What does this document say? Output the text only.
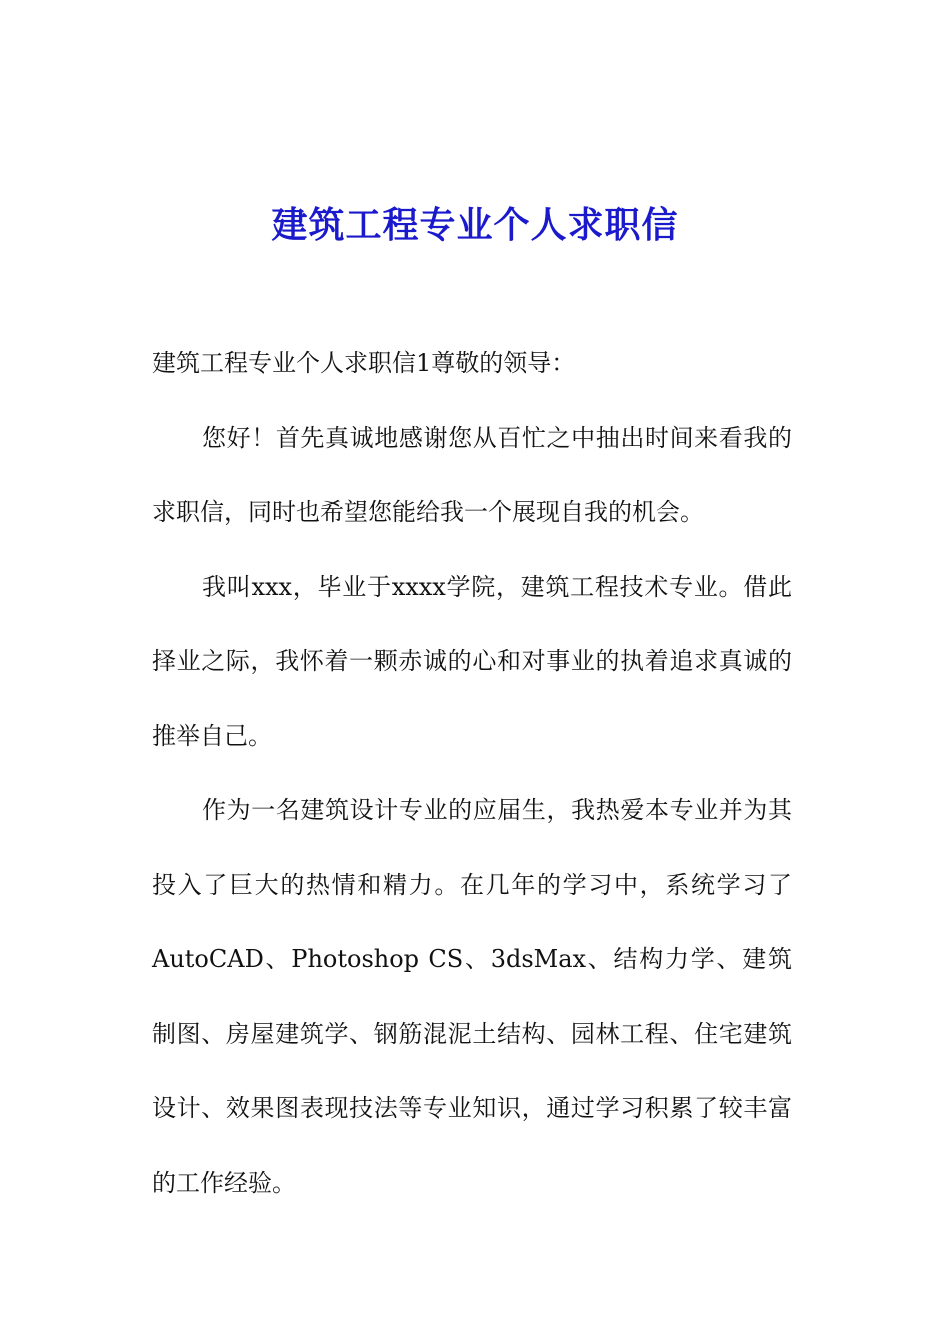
建筑工程专业个人求职信

建筑工程专业个人求职信1尊敬的领导：

您好！首先真诚地感谢您从百忙之中抽出时间来看我的求职信，同时也希望您能给我一个展现自我的机会。

我叫xxx，毕业于xxxx学院，建筑工程技术专业。借此择业之际，我怀着一颗赤诚的心和对事业的执着追求真诚的推举自己。

作为一名建筑设计专业的应届生，我热爱本专业并为其投入了巨大的热情和精力。在几年的学习中，系统学习了AutoCAD、Photoshop CS、3dsMax、结构力学、建筑制图、房屋建筑学、钢筋混泥土结构、园林工程、住宅建筑设计、效果图表现技法等专业知识，通过学习积累了较丰富的工作经验。
